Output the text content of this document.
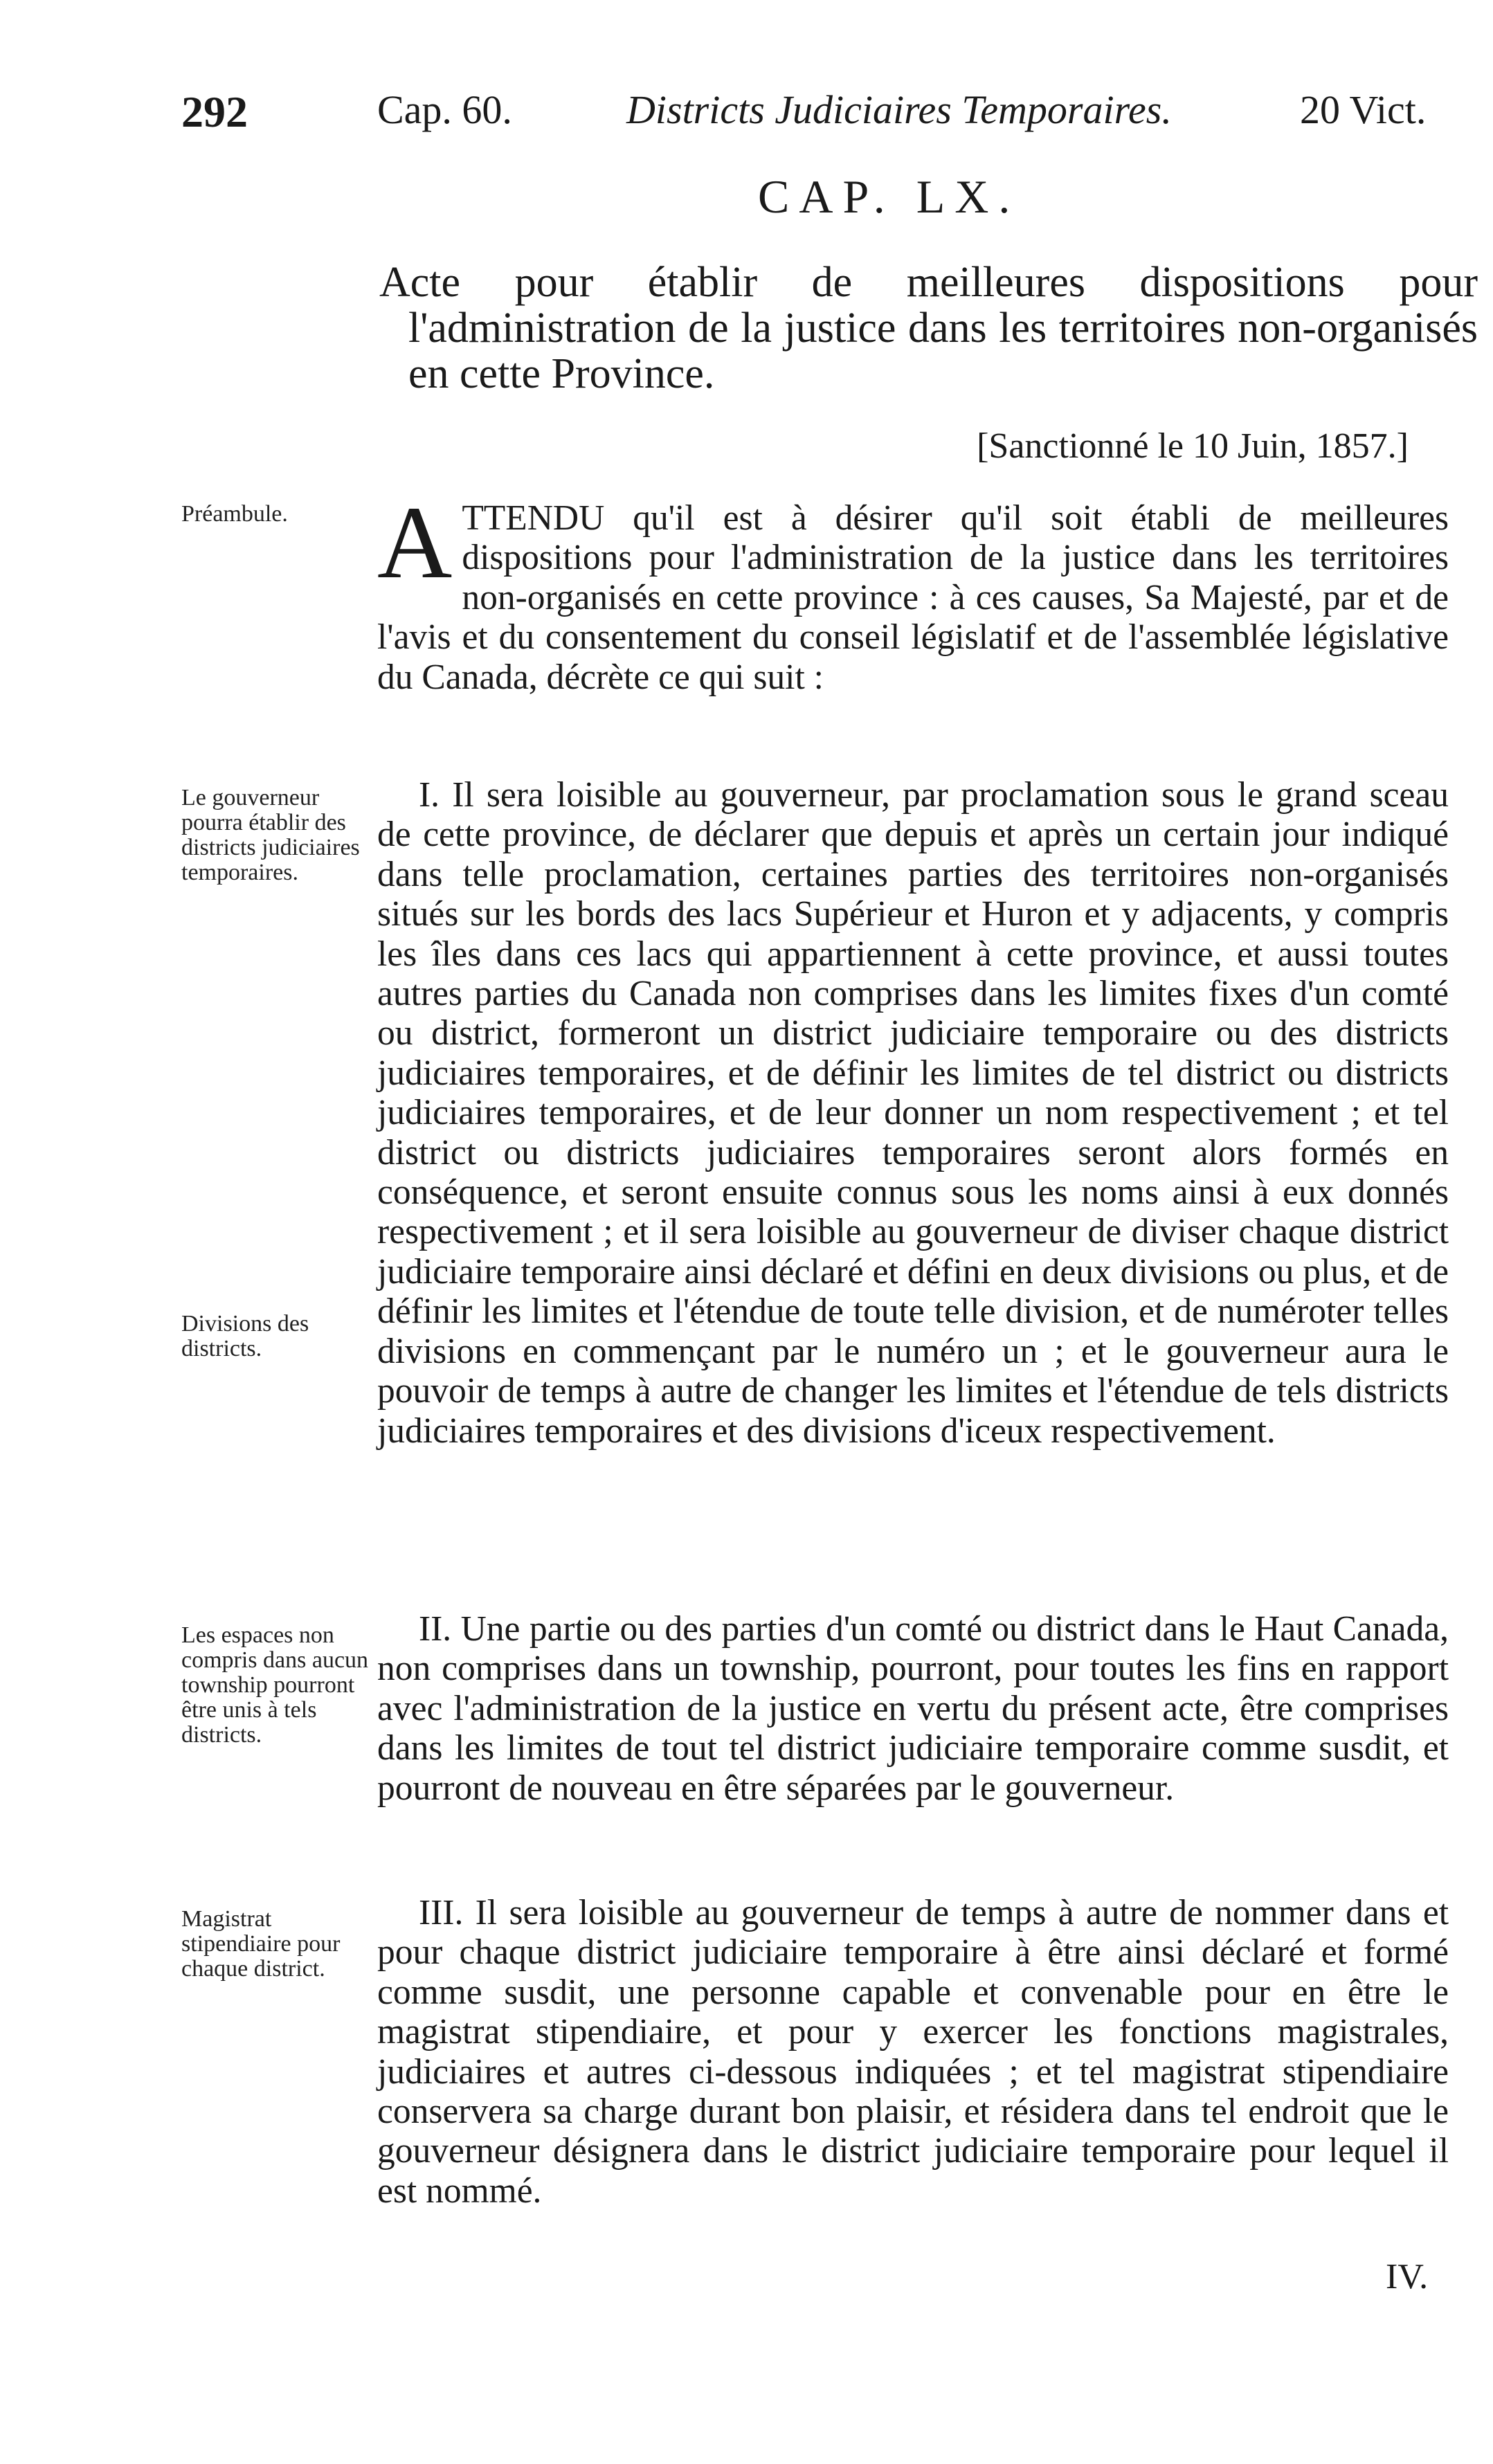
292	Cap. 60.	Districts Judiciaires Temporaires.	20 Vict.
CAP. LX.
Acte pour établir de meilleures dispositions pour l'administration de la justice dans les territoires non-organisés en cette Province.
[Sanctionné le 10 Juin, 1857.]
Préambule. A TTENDU qu'il est à désirer qu'il soit établi de meilleures dispositions pour l'administration de la justice dans les territoires non-organisés en cette province : à ces causes, Sa Majesté, par et de l'avis et du consentement du conseil législatif et de l'assemblée législative du Canada, décrète ce qui suit :
Le gouverneur pourra établir des districts judiciaires temporaires.
Divisions des districts.
I. Il sera loisible au gouverneur, par proclamation sous le grand sceau de cette province, de déclarer que depuis et après un certain jour indiqué dans telle proclamation, certaines parties des territoires non-organisés situés sur les bords des lacs Supérieur et Huron et y adjacents, y compris les îles dans ces lacs qui appartiennent à cette province, et aussi toutes autres parties du Canada non comprises dans les limites fixes d'un comté ou district, formeront un district judiciaire temporaire ou des districts judiciaires temporaires, et de définir les limites de tel district ou districts judiciaires temporaires, et de leur donner un nom respectivement ; et tel district ou districts judiciaires temporaires seront alors formés en conséquence, et seront ensuite connus sous les noms ainsi à eux donnés respectivement ; et il sera loisible au gouverneur de diviser chaque district judiciaire temporaire ainsi déclaré et défini en deux divisions ou plus, et de définir les limites et l'étendue de toute telle division, et de numéroter telles divisions en commençant par le numéro un ; et le gouverneur aura le pouvoir de temps à autre de changer les limites et l'étendue de tels districts judiciaires temporaires et des divisions d'iceux respectivement.
Les espaces non compris dans aucun township pourront être unis à tels districts.
II. Une partie ou des parties d'un comté ou district dans le Haut Canada, non comprises dans un township, pourront, pour toutes les fins en rapport avec l'administration de la justice en vertu du présent acte, être comprises dans les limites de tout tel district judiciaire temporaire comme susdit, et pourront de nouveau en être séparées par le gouverneur.
Magistrat stipendiaire pour chaque district.
III. Il sera loisible au gouverneur de temps à autre de nommer dans et pour chaque district judiciaire temporaire à être ainsi déclaré et formé comme susdit, une personne capable et convenable pour en être le magistrat stipendiaire, et pour y exercer les fonctions magistrales, judiciaires et autres ci-dessous indiquées ; et tel magistrat stipendiaire conservera sa charge durant bon plaisir, et résidera dans tel endroit que le gouverneur désignera dans le district judiciaire temporaire pour lequel il est nommé.
IV.
